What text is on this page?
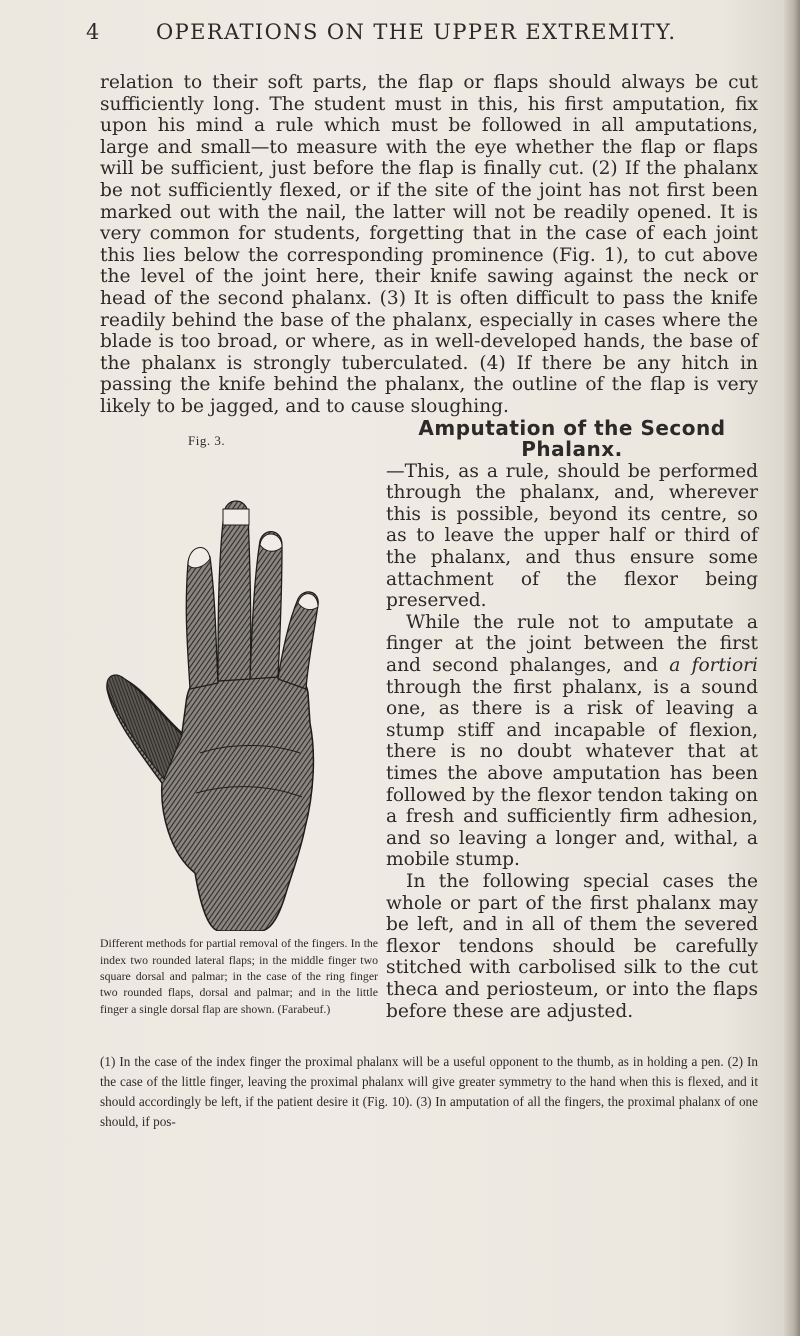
4	OPERATIONS ON THE UPPER EXTREMITY.

relation to their soft parts, the flap or flaps should always be cut sufficiently long. The student must in this, his first amputation, fix upon his mind a rule which must be followed in all amputations, large and small—to measure with the eye whether the flap or flaps will be sufficient, just before the flap is finally cut. (2) If the phalanx be not sufficiently flexed, or if the site of the joint has not first been marked out with the nail, the latter will not be readily opened. It is very common for students, forgetting that in the case of each joint this lies below the corresponding prominence (Fig. 1), to cut above the level of the joint here, their knife sawing against the neck or head of the second phalanx. (3) It is often difficult to pass the knife readily behind the base of the phalanx, especially in cases where the blade is too broad, or where, as in well-developed hands, the base of the phalanx is strongly tuberculated. (4) If there be any hitch in passing the knife behind the phalanx, the outline of the flap is very likely to be jagged, and to cause sloughing.

Fig. 3.
Different methods for partial removal of the fingers. In the index two rounded lateral flaps; in the middle finger two square dorsal and palmar; in the case of the ring finger two rounded flaps, dorsal and palmar; and in the little finger a single dorsal flap are shown. (Farabeuf.)

Amputation of the Second Phalanx.
—This, as a rule, should be performed through the phalanx, and, wherever this is possible, beyond its centre, so as to leave the upper half or third of the phalanx, and thus ensure some attachment of the flexor being preserved.

While the rule not to amputate a finger at the joint between the first and second phalanges, and a fortiori through the first phalanx, is a sound one, as there is a risk of leaving a stump stiff and incapable of flexion, there is no doubt whatever that at times the above amputation has been followed by the flexor tendon taking on a fresh and sufficiently firm adhesion, and so leaving a longer and, withal, a mobile stump.

In the following special cases the whole or part of the first phalanx may be left, and in all of them the severed flexor tendons should be carefully stitched with carbolised silk to the cut theca and periosteum, or into the flaps before these are adjusted.

(1) In the case of the index finger the proximal phalanx will be a useful opponent to the thumb, as in holding a pen. (2) In the case of the little finger, leaving the proximal phalanx will give greater symmetry to the hand when this is flexed, and it should accordingly be left, if the patient desire it (Fig. 10). (3) In amputation of all the fingers, the proximal phalanx of one should, if pos-
